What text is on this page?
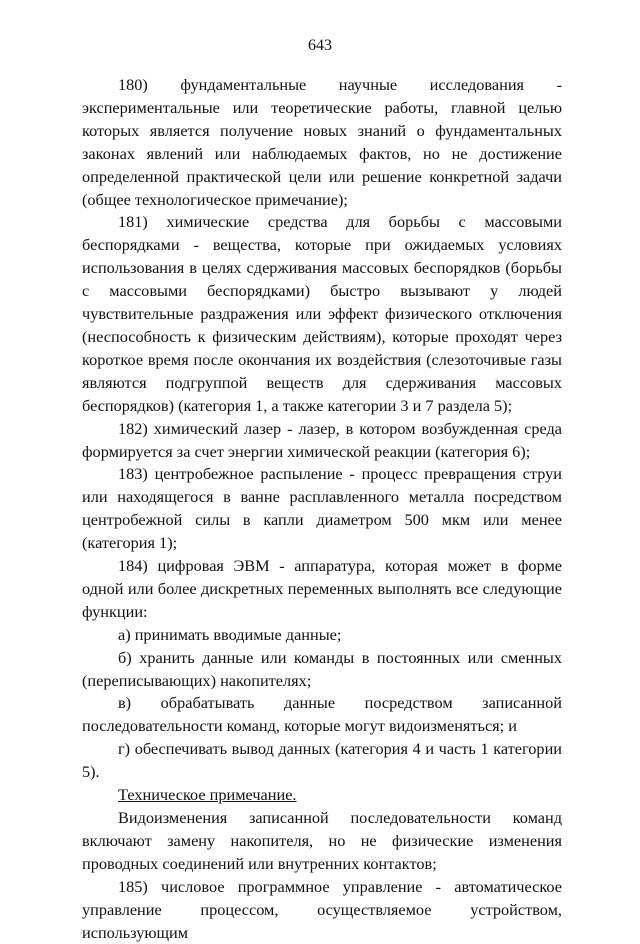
643

180) фундаментальные научные исследования - экспериментальные или теоретические работы, главной целью которых является получение новых знаний о фундаментальных законах явлений или наблюдаемых фактов, но не достижение определенной практической цели или решение конкретной задачи (общее технологическое примечание);

181) химические средства для борьбы с массовыми беспорядками - вещества, которые при ожидаемых условиях использования в целях сдерживания массовых беспорядков (борьбы с массовыми беспорядками) быстро вызывают у людей чувствительные раздражения или эффект физического отключения (неспособность к физическим действиям), которые проходят через короткое время после окончания их воздействия (слезоточивые газы являются подгруппой веществ для сдерживания массовых беспорядков) (категория 1, а также категории 3 и 7 раздела 5);

182) химический лазер - лазер, в котором возбужденная среда формируется за счет энергии химической реакции (категория 6);

183) центробежное распыление - процесс превращения струи или находящегося в ванне расплавленного металла посредством центробежной силы в капли диаметром 500 мкм или менее (категория 1);

184) цифровая ЭВМ - аппаратура, которая может в форме одной или более дискретных переменных выполнять все следующие функции:

а) принимать вводимые данные;

б) хранить данные или команды в постоянных или сменных (переписывающих) накопителях;

в) обрабатывать данные посредством записанной последовательности команд, которые могут видоизменяться; и

г) обеспечивать вывод данных (категория 4 и часть 1 категории 5).

Техническое примечание.

Видоизменения записанной последовательности команд включают замену накопителя, но не физические изменения проводных соединений или внутренних контактов;

185) числовое программное управление - автоматическое управление процессом, осуществляемое устройством, использующим
